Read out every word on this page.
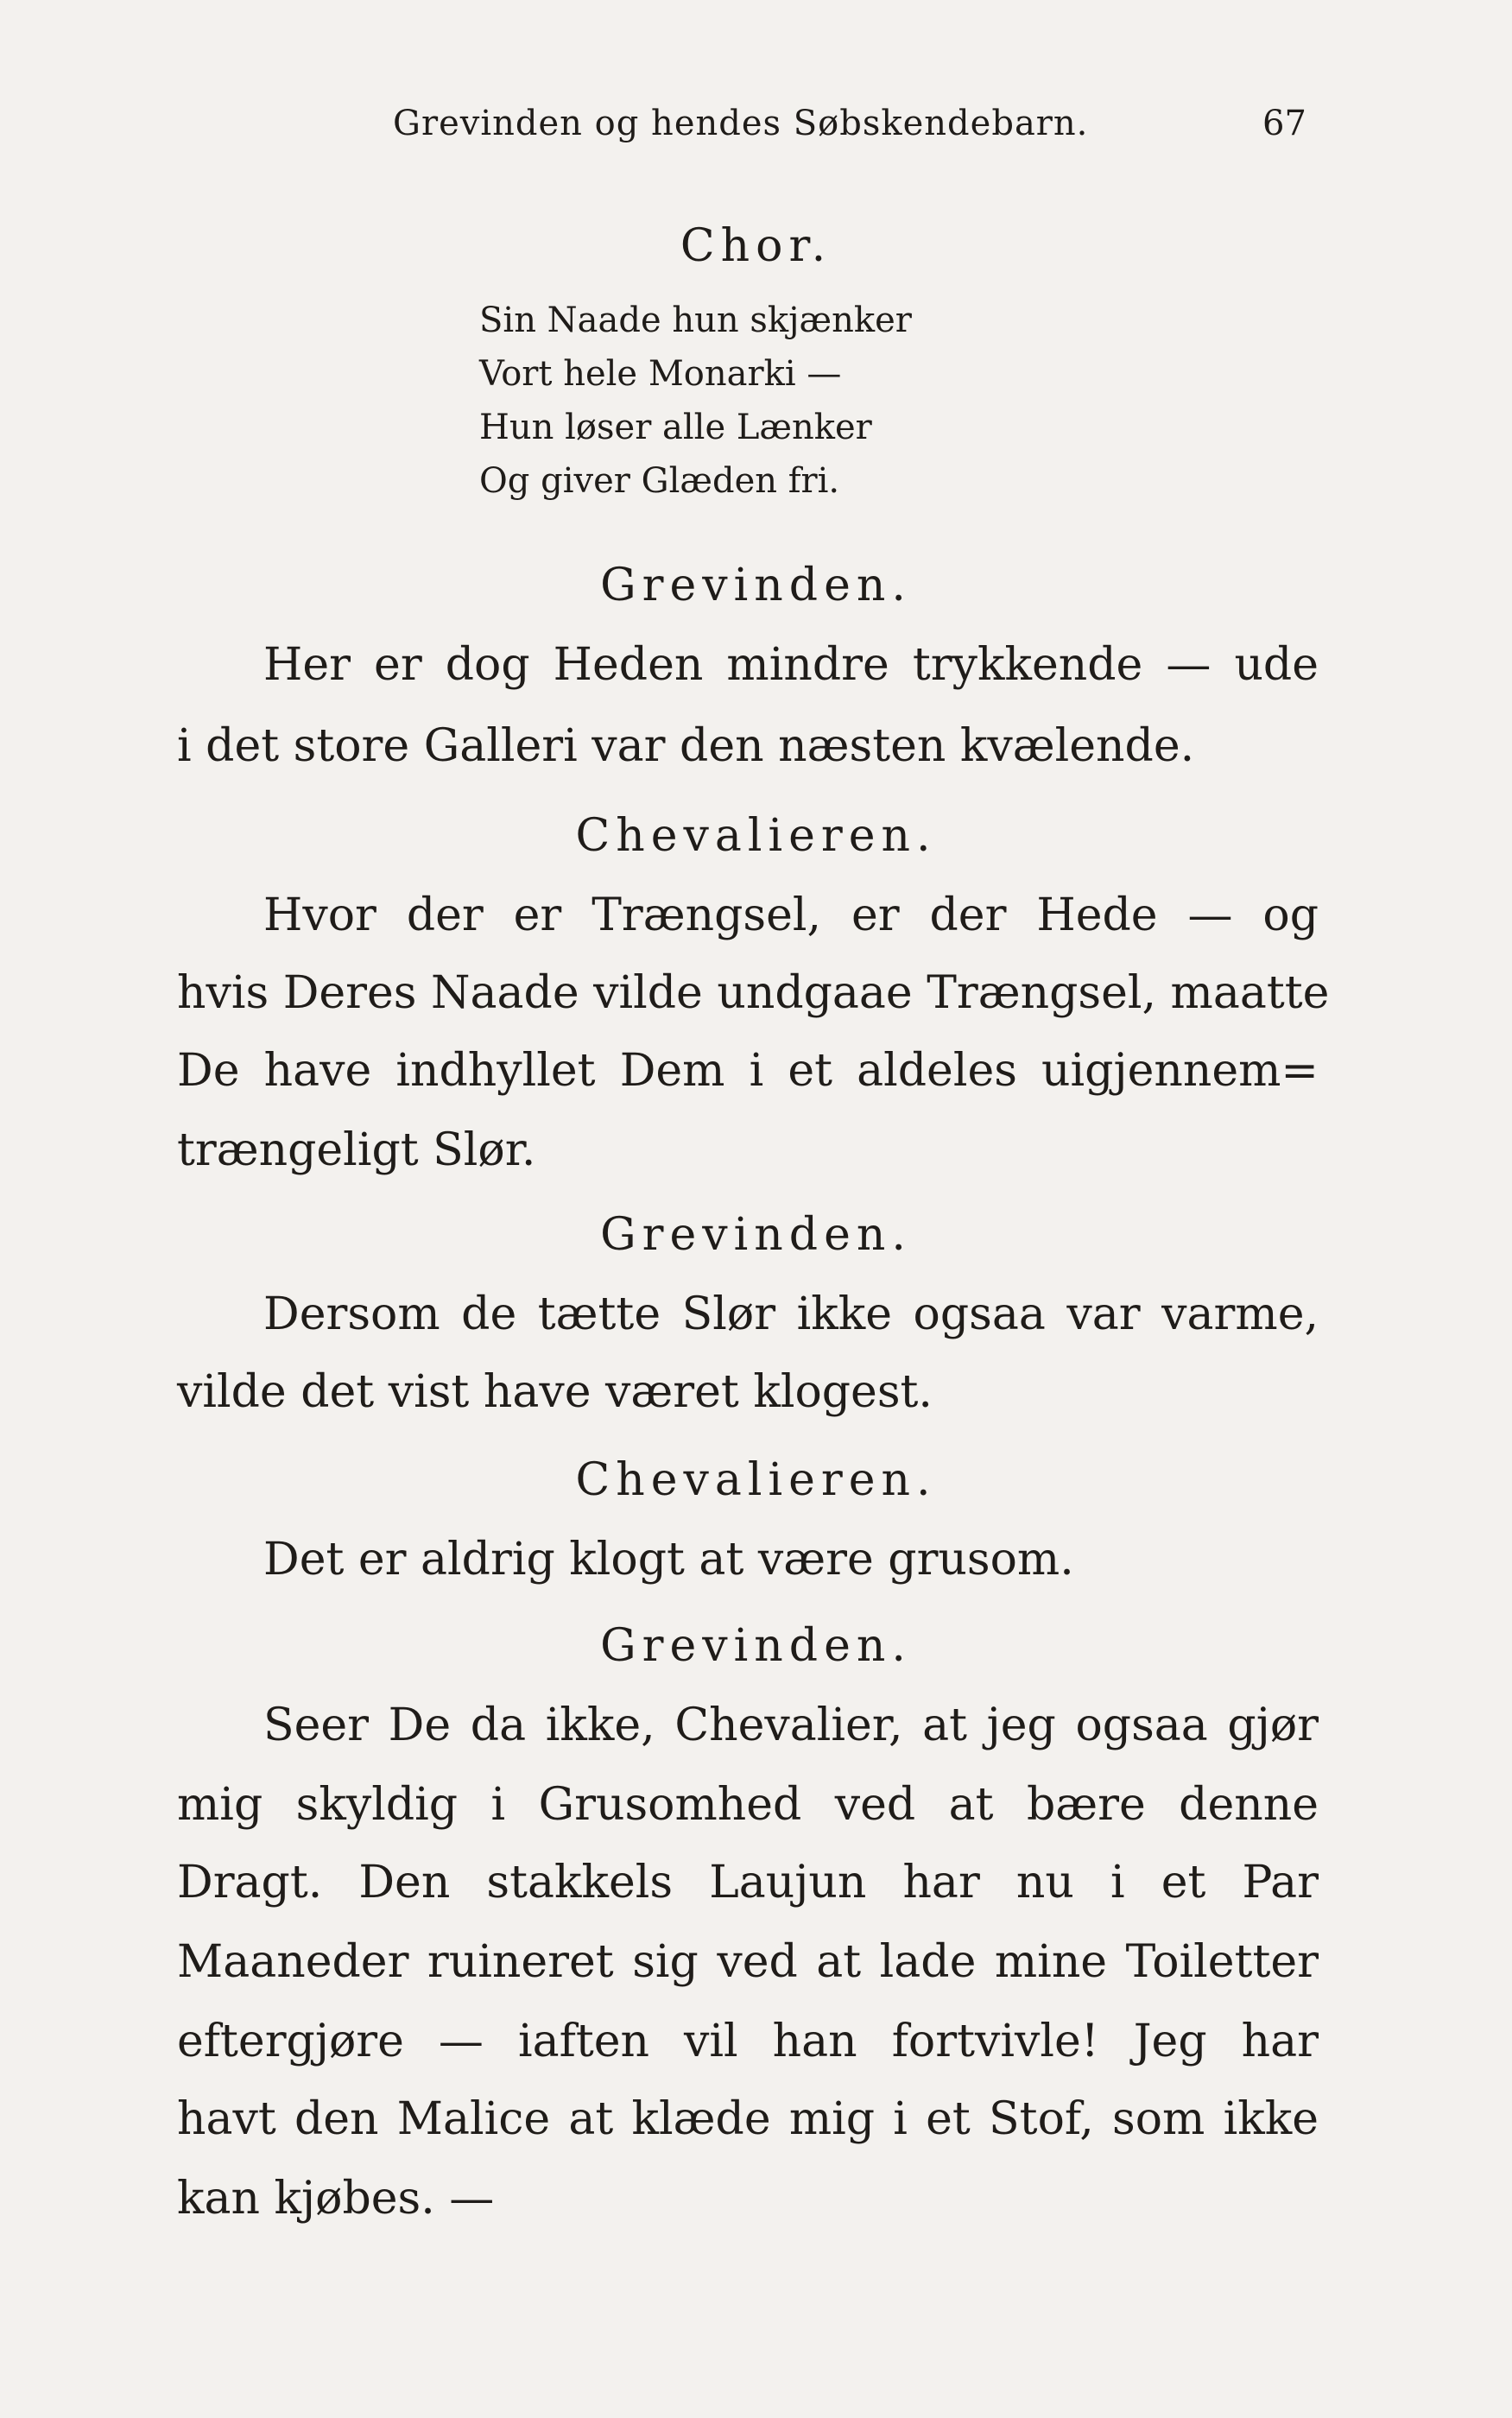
Grevinden og hendes Søbskendebarn.	67
Chor.
Sin Naade hun skjænker
Vort hele Monarki —
Hun løser alle Lænker
Og giver Glæden fri.
Grevinden.
Her er dog Heden mindre trykkende — ude
i det store Galleri var den næsten kvælende.
Chevalieren.
Hvor der er Trængsel, er der Hede — og
hvis Deres Naade vilde undgaae Trængsel, maatte
De have indhyllet Dem i et aldeles uigjennem=
trængeligt Slør.
Grevinden.
Dersom de tætte Slør ikke ogsaa var varme,
vilde det vist have været klogest.
Chevalieren.
Det er aldrig klogt at være grusom.
Grevinden.
Seer De da ikke, Chevalier, at jeg ogsaa gjør
mig skyldig i Grusomhed ved at bære denne
Dragt. Den stakkels Laujun har nu i et Par
Maaneder ruineret sig ved at lade mine Toiletter
eftergjøre — iaften vil han fortvivle! Jeg har
havt den Malice at klæde mig i et Stof, som ikke
kan kjøbes. —
